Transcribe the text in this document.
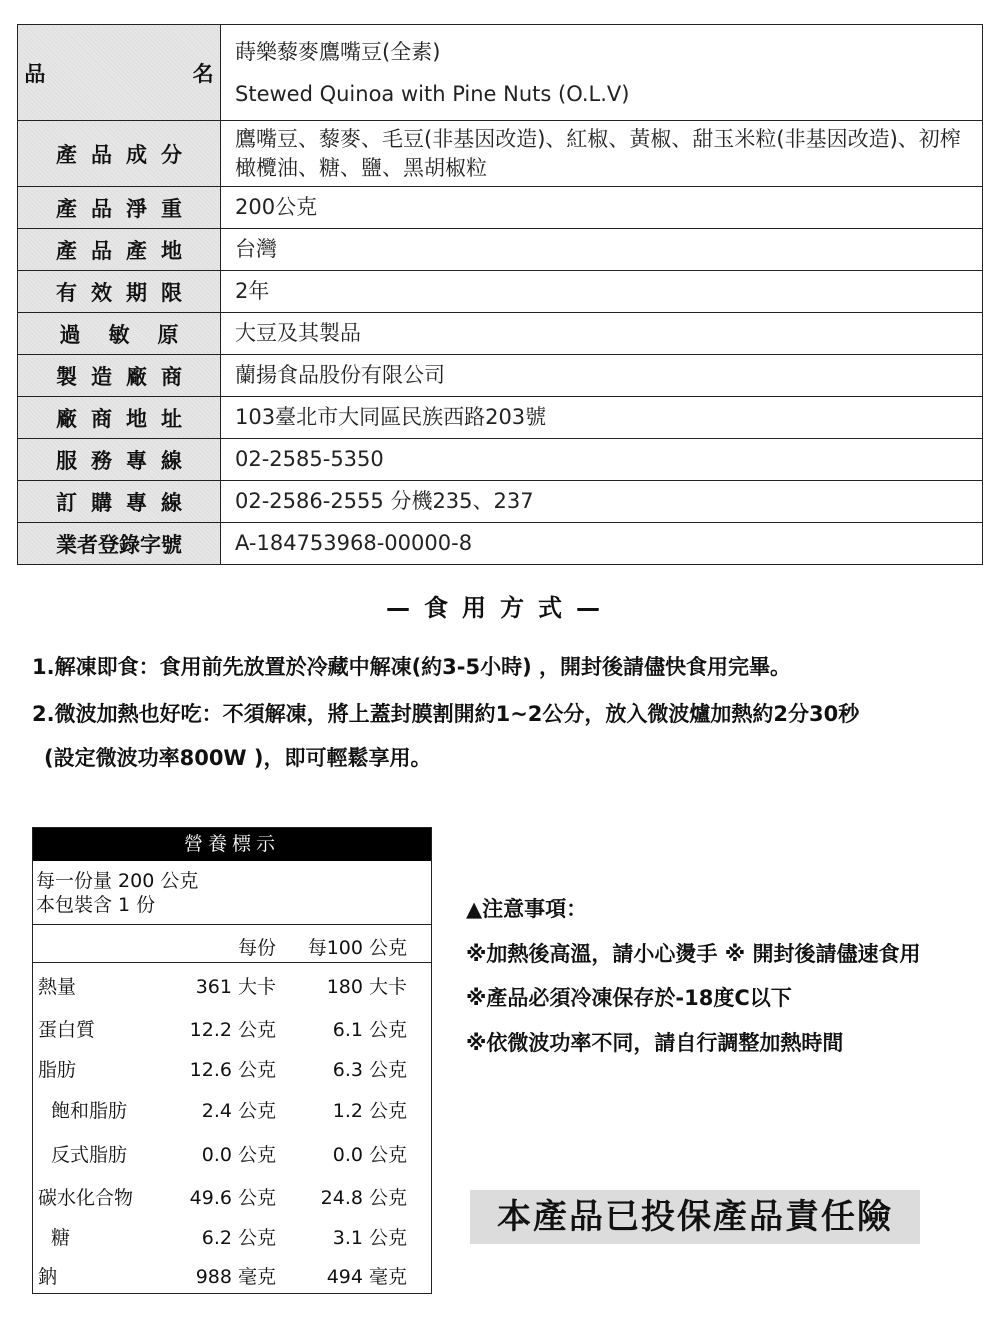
品 名	蒔樂藜麥鷹嘴豆(全素)
Stewed Quinoa with Pine Nuts (O.L.V)

產品成分	鷹嘴豆、藜麥、毛豆(非基因改造)、紅椒、黃椒、甜玉米粒(非基因改造)、初榨橄欖油、糖、鹽、黑胡椒粒
產品淨重	200公克
產品產地	台灣
有效期限	2年
過敏原	大豆及其製品
製造廠商	蘭揚食品股份有限公司
廠商地址	103臺北市大同區民族西路203號
服務專線	02-2585-5350
訂購專線	02-2586-2555 分機235、237
業者登錄字號	A-184753968-00000-8
—食用方式—
1.解凍即食：食用前先放置於冷藏中解凍(約3-5小時) ，開封後請儘快食用完畢。
2.微波加熱也好吃：不須解凍，將上蓋封膜割開約1~2公分，放入微波爐加熱約2分30秒
(設定微波功率800W )，即可輕鬆享用。
營養標示
每一份量 200 公克
本包裝含 1 份
每份 每100 公克
熱量	361 大卡	180 大卡
蛋白質	12.2 公克	6.1 公克
脂肪	12.6 公克	6.3 公克
飽和脂肪	2.4 公克	1.2 公克
反式脂肪	0.0 公克	0.0 公克
碳水化合物	49.6 公克 24.8 公克
糖	6.2 公克	3.1 公克
鈉	988 毫克	494 毫克
▲注意事項：
※加熱後高溫，請小心燙手 ※ 開封後請儘速食用
※產品必須冷凍保存於-18度C以下
※依微波功率不同，請自行調整加熱時間
本產品已投保產品責任險
